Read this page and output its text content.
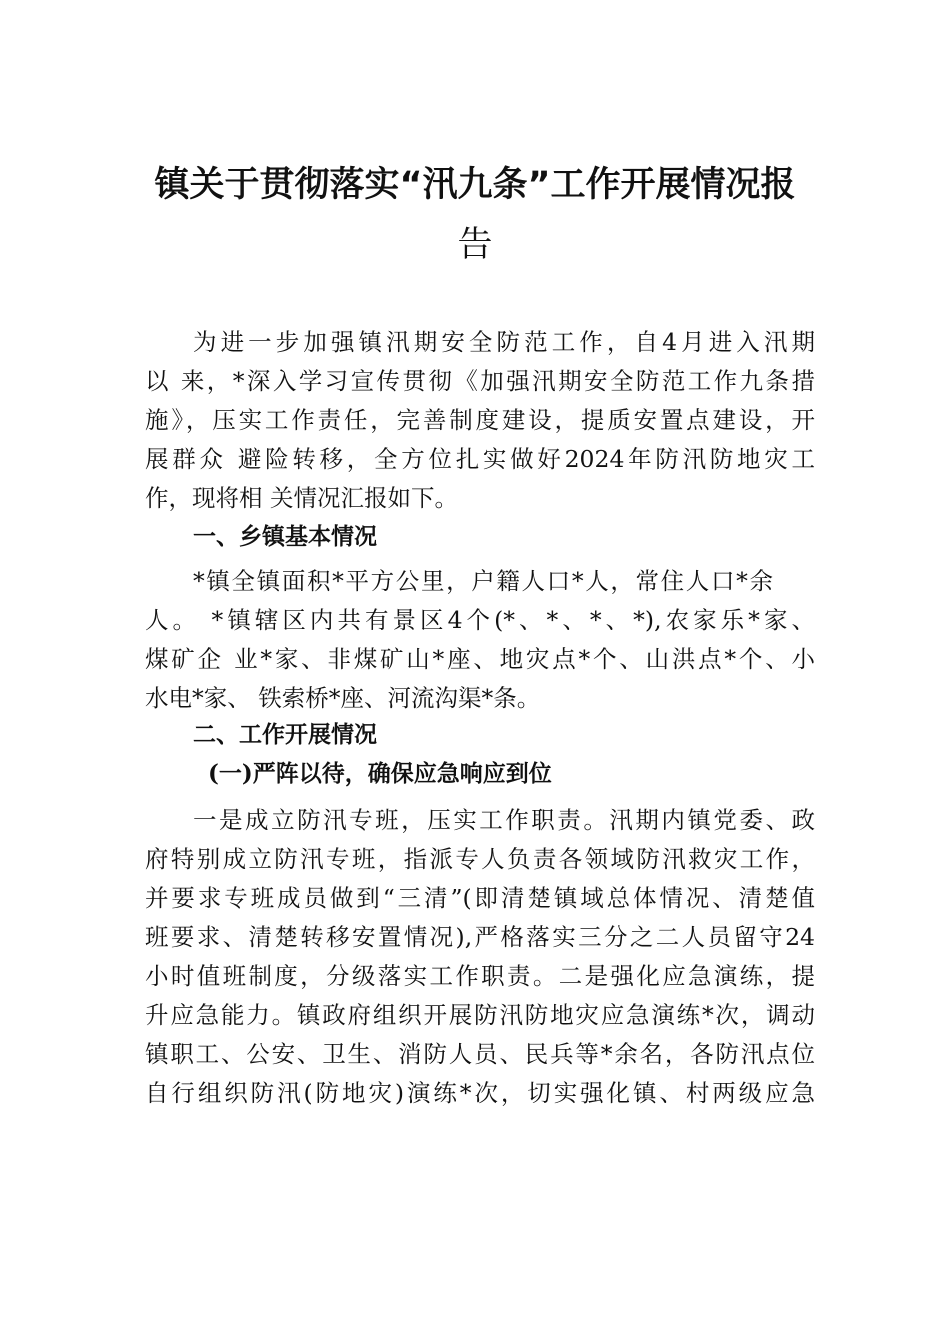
镇关于贯彻落实“汛九条”工作开展情况报
告
为进一步加强镇汛期安全防范工作，自4月进入汛期
以 来，*深入学习宣传贯彻《加强汛期安全防范工作九条措
施》，压实工作责任，完善制度建设，提质安置点建设，开
展群众 避险转移，全方位扎实做好2024年防汛防地灾工
作，现将相 关情况汇报如下。
一、乡镇基本情况
*镇全镇面积*平方公里，户籍人口*人，常住人口*余
人。 *镇辖区内共有景区4个(*、*、*、*),农家乐*家、
煤矿企 业*家、非煤矿山*座、地灾点*个、山洪点*个、小
水电*家、 铁索桥*座、河流沟渠*条。
二、工作开展情况
(一)严阵以待，确保应急响应到位
一是成立防汛专班，压实工作职责。汛期内镇党委、政
府特别成立防汛专班，指派专人负责各领域防汛救灾工作，
并要求专班成员做到“三清”(即清楚镇域总体情况、清楚值
班要求、清楚转移安置情况),严格落实三分之二人员留守24
小时值班制度，分级落实工作职责。二是强化应急演练，提
升应急能力。镇政府组织开展防汛防地灾应急演练*次，调动
镇职工、公安、卫生、消防人员、民兵等*余名，各防汛点位
自行组织防汛(防地灾)演练*次，切实强化镇、村两级应急
